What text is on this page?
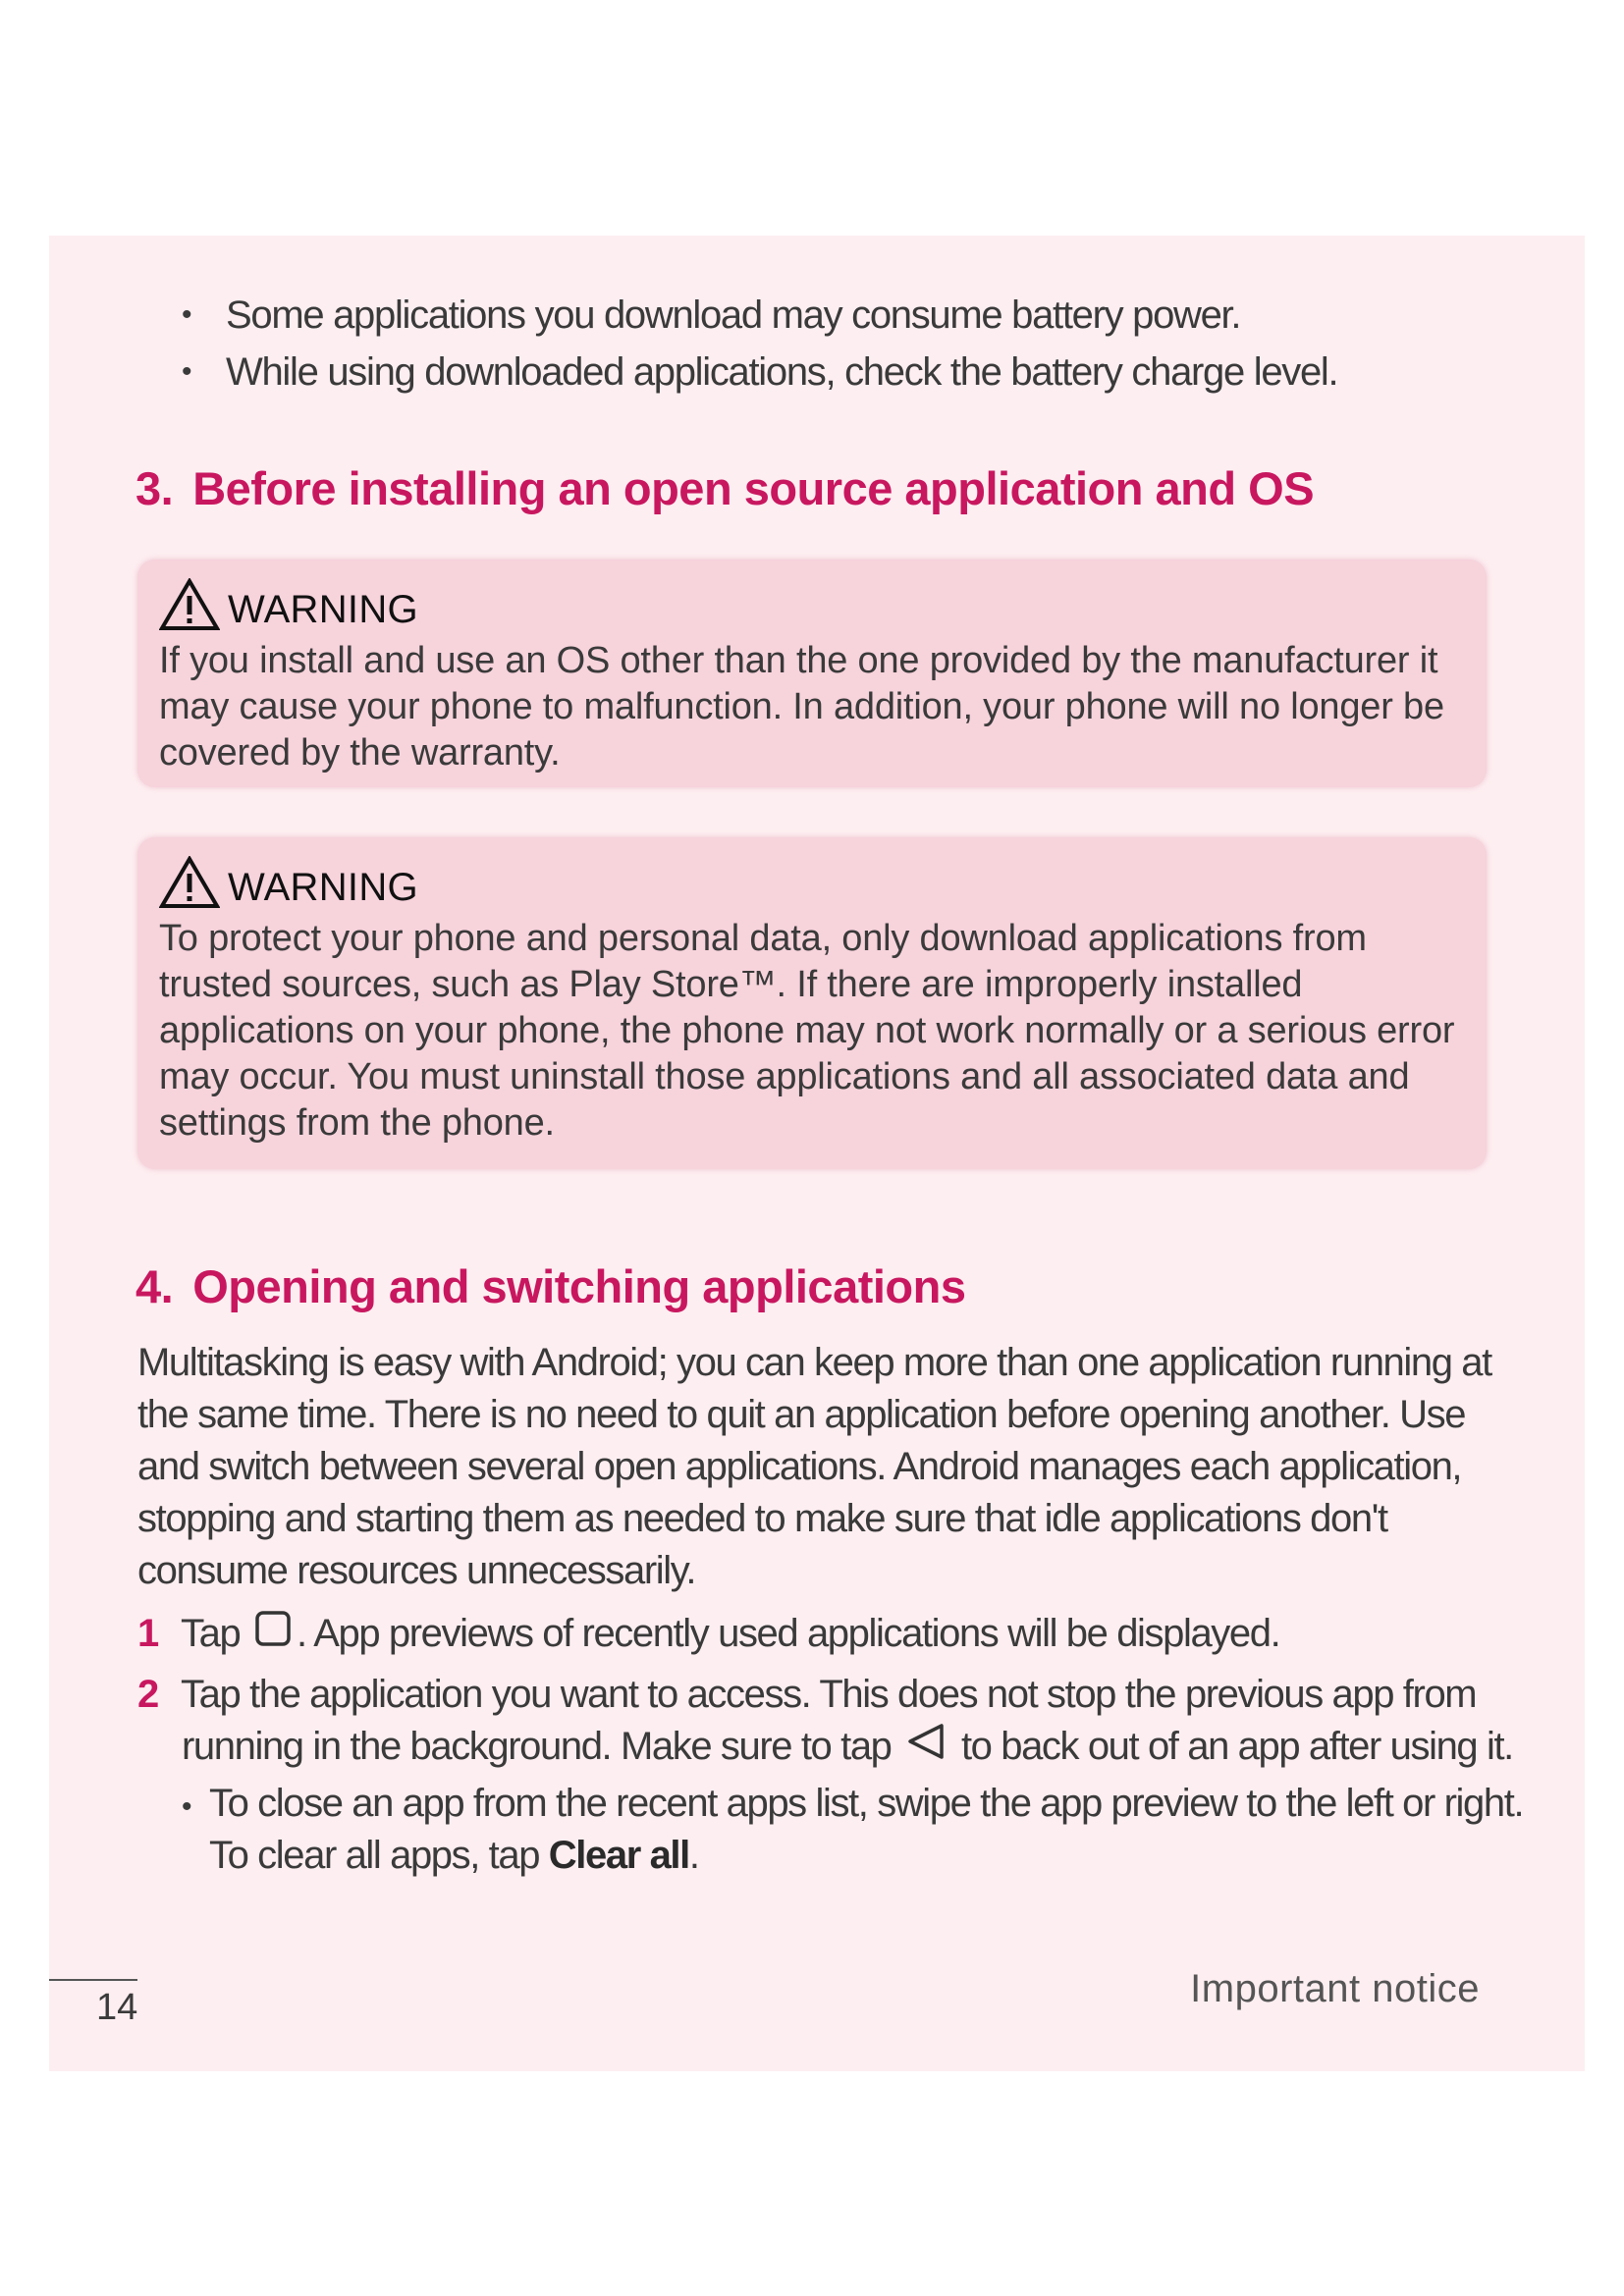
• Some applications you download may consume battery power.
• While using downloaded applications, check the battery charge level.
3. Before installing an open source application and OS
WARNING
If you install and use an OS other than the one provided by the manufacturer it may cause your phone to malfunction. In addition, your phone will no longer be covered by the warranty.
WARNING
To protect your phone and personal data, only download applications from trusted sources, such as Play Store™. If there are improperly installed applications on your phone, the phone may not work normally or a serious error may occur. You must uninstall those applications and all associated data and settings from the phone.
4. Opening and switching applications

Multitasking is easy with Android; you can keep more than one application running at the same time. There is no need to quit an application before opening another. Use and switch between several open applications. Android manages each application, stopping and starting them as needed to make sure that idle applications don't consume resources unnecessarily.

1 Tap . App previews of recently used applications will be displayed.
2 Tap the application you want to access. This does not stop the previous app from
running in the background. Make sure to tap to back out of an app after using it.
• To close an app from the recent apps list, swipe the app preview to the left or right.
To clear all apps, tap Clear all.
14	Important notice
